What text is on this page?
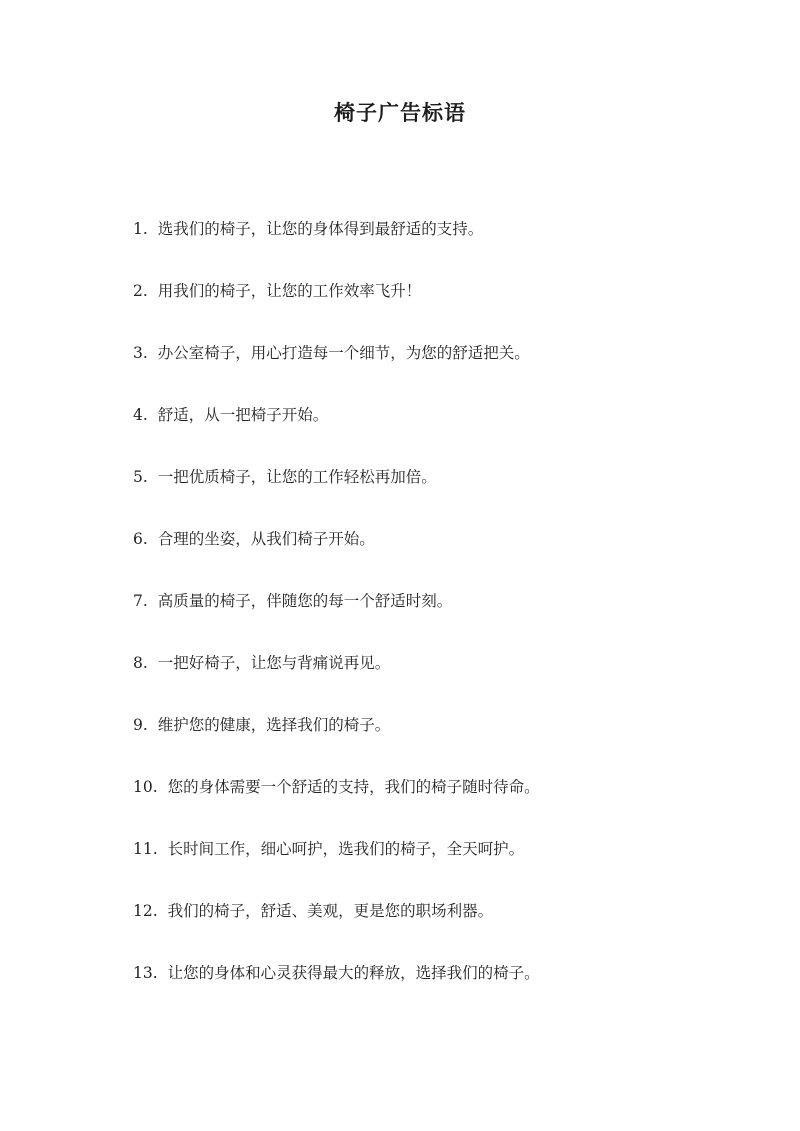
椅子广告标语
1. 选我们的椅子，让您的身体得到最舒适的支持。
2. 用我们的椅子，让您的工作效率飞升！
3. 办公室椅子，用心打造每一个细节，为您的舒适把关。
4. 舒适，从一把椅子开始。
5. 一把优质椅子，让您的工作轻松再加倍。
6. 合理的坐姿，从我们椅子开始。
7. 高质量的椅子，伴随您的每一个舒适时刻。
8. 一把好椅子，让您与背痛说再见。
9. 维护您的健康，选择我们的椅子。
10. 您的身体需要一个舒适的支持，我们的椅子随时待命。
11. 长时间工作，细心呵护，选我们的椅子，全天呵护。
12. 我们的椅子，舒适、美观，更是您的职场利器。
13. 让您的身体和心灵获得最大的释放，选择我们的椅子。
